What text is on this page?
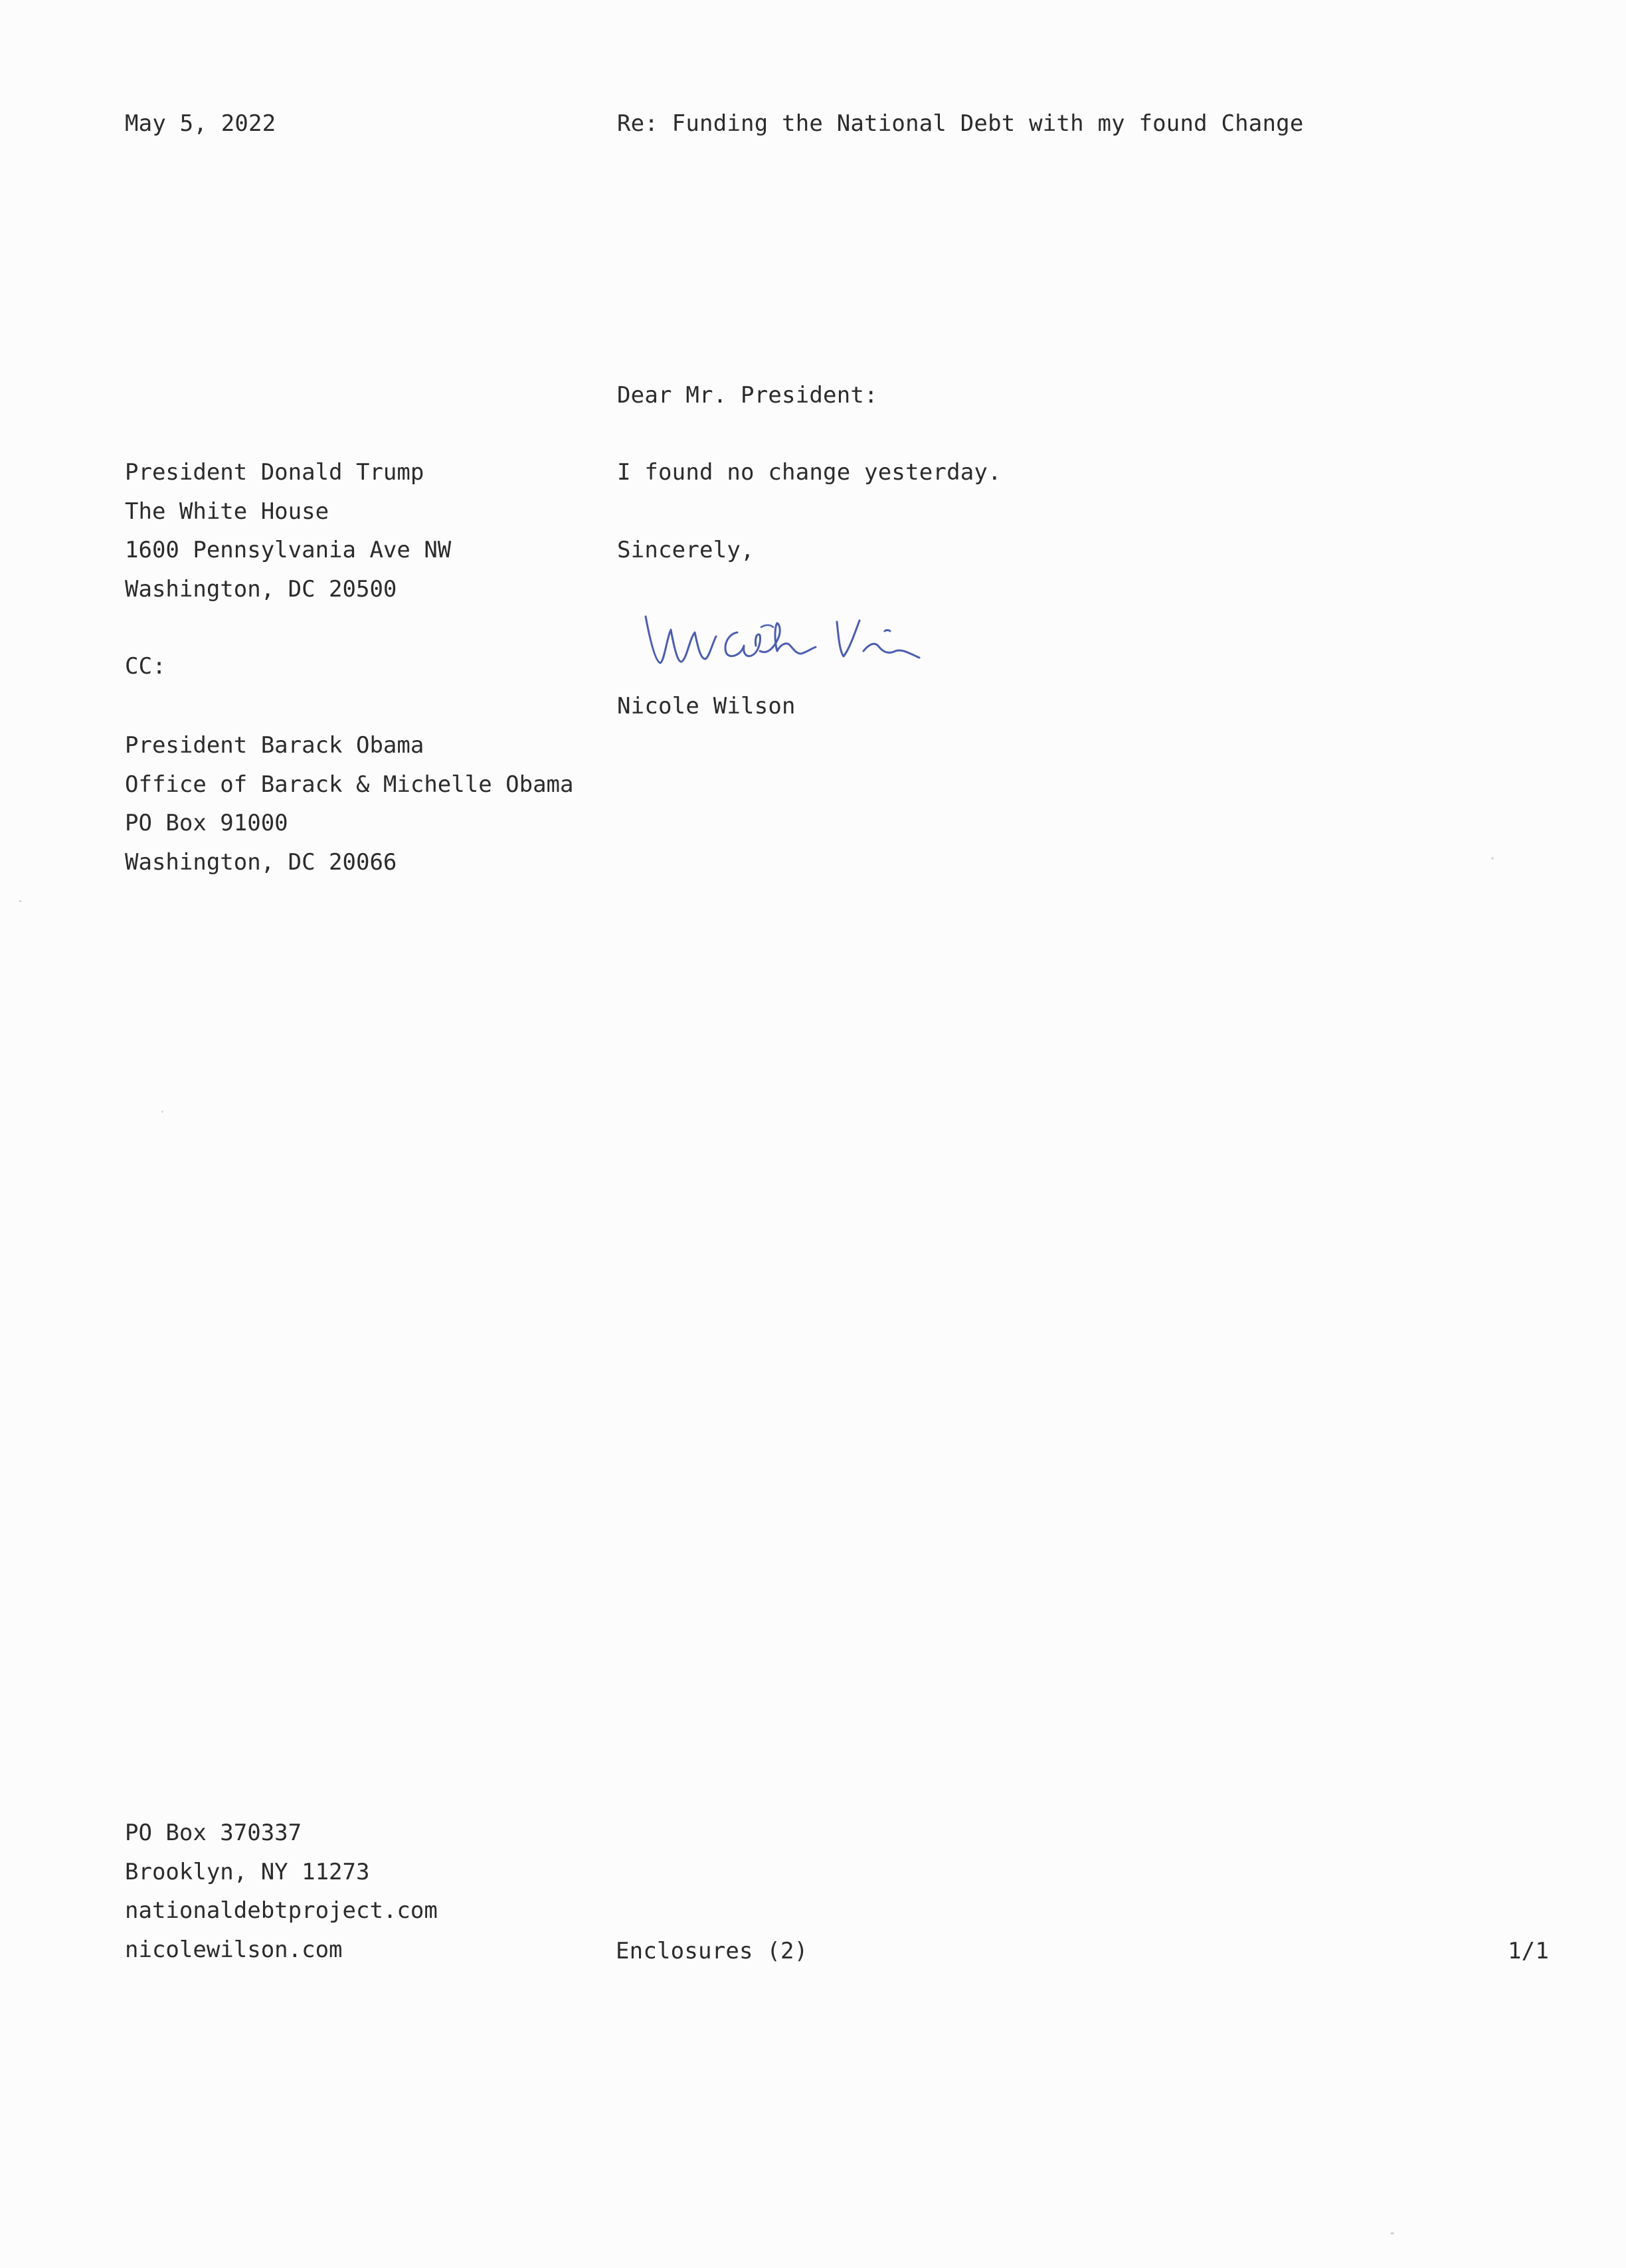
May 5, 2022	Re: Funding the National Debt with my found Change
Dear Mr. President:
I found no change yesterday.
Sincerely,
Nicole Wilson
President Donald Trump
The White House
1600 Pennsylvania Ave NW
Washington, DC 20500
CC:
President Barack Obama
Office of Barack & Michelle Obama
PO Box 91000
Washington, DC 20066
PO Box 370337
Brooklyn, NY 11273
nationaldebtproject.com
nicolewilson.com	Enclosures (2)	1/1
